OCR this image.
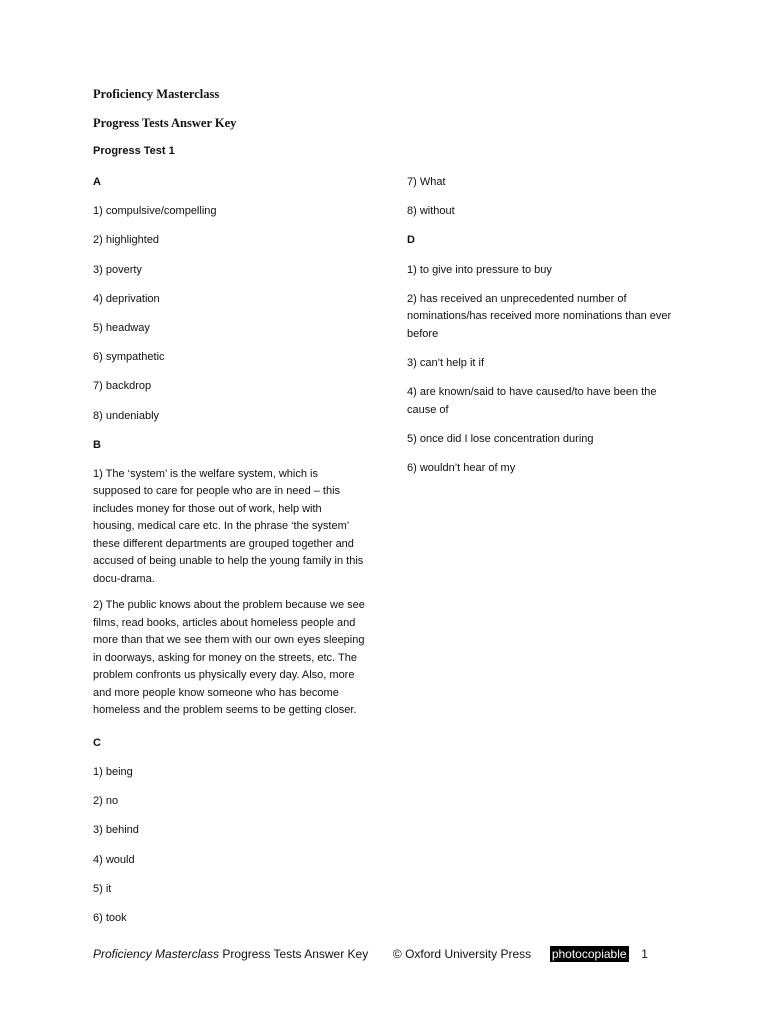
Proficiency Masterclass
Progress Tests Answer Key
Progress Test 1

A

1) compulsive/compelling

2) highlighted

3) poverty

4) deprivation

5) headway

6) sympathetic

7) backdrop

8) undeniably

B

1) The ‘system’ is the welfare system, which is supposed to care for people who are in need – this includes money for those out of work, help with housing, medical care etc. In the phrase ‘the system’ these different departments are grouped together and accused of being unable to help the young family in this docu-drama.

2) The public knows about the problem because we see films, read books, articles about homeless people and more than that we see them with our own eyes sleeping in doorways, asking for money on the streets, etc. The problem confronts us physically every day. Also, more and more people know someone who has become homeless and the problem seems to be getting closer.

C

1) being

2) no

3) behind

4) would

5) it

6) took

7) What

8) without

D

1) to give into pressure to buy

2) has received an unprecedented number of nominations/has received more nominations than ever before

3) can’t help it if

4) are known/said to have caused/to have been the cause of

5) once did I lose concentration during

6) wouldn’t hear of my

Proficiency Masterclass Progress Tests Answer Key © Oxford University Press photocopiable 1
